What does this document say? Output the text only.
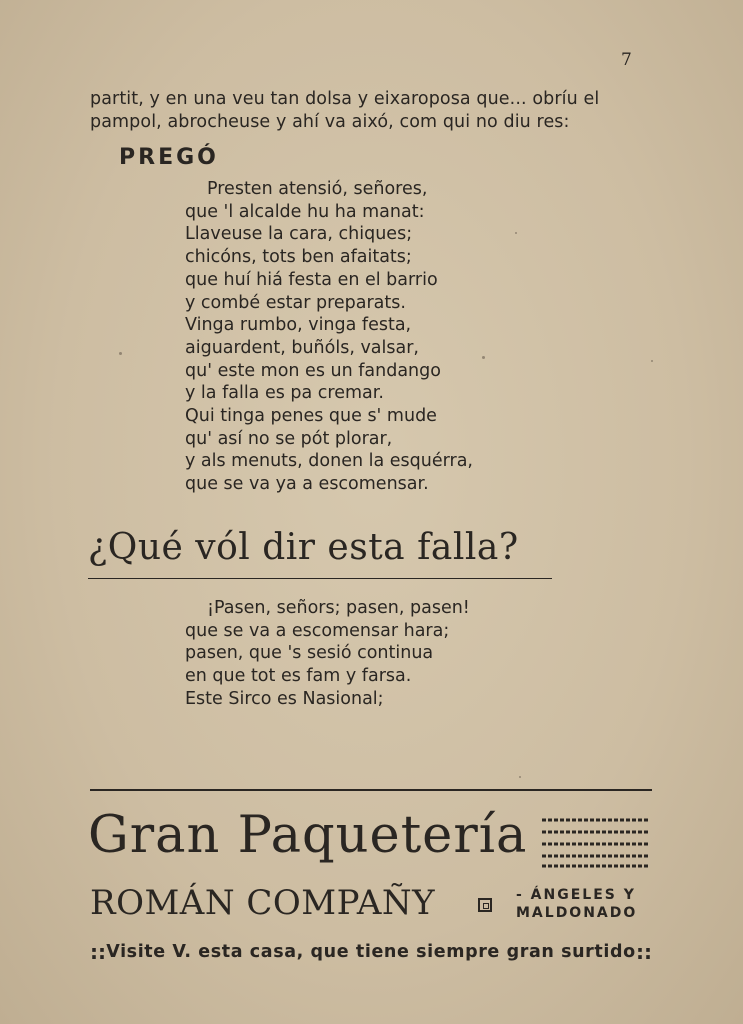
7
partit, y en una veu tan dolsa y eixaroposa que... obríu el
pampol, abrocheuse y ahí va aixó, com qui no diu res:
PREGÓ
Presten atensió, señores,
que 'l alcalde hu ha manat:
Llaveuse la cara, chiques;
chicóns, tots ben afaitats;
que huí hiá festa en el barrio
y combé estar preparats.
Vinga rumbo, vinga festa,
aiguardent, buñóls, valsar,
qu' este mon es un fandango
y la falla es pa cremar.
Qui tinga penes que s' mude
qu' así no se pót plorar,
y als menuts, donen la esquérra,
que se va ya a escomensar.
¿Qué vól dir esta falla?
¡Pasen, señors; pasen, pasen!
que se va a escomensar hara;
pasen, que 's sesió continua
en que tot es fam y farsa.
Este Sirco es Nasional;
Gran Paquetería
ROMÁN COMPAÑY	- ÁNGELES Y
MALDONADO
:: Visite V. esta casa, que tiene siempre gran surtido ::
